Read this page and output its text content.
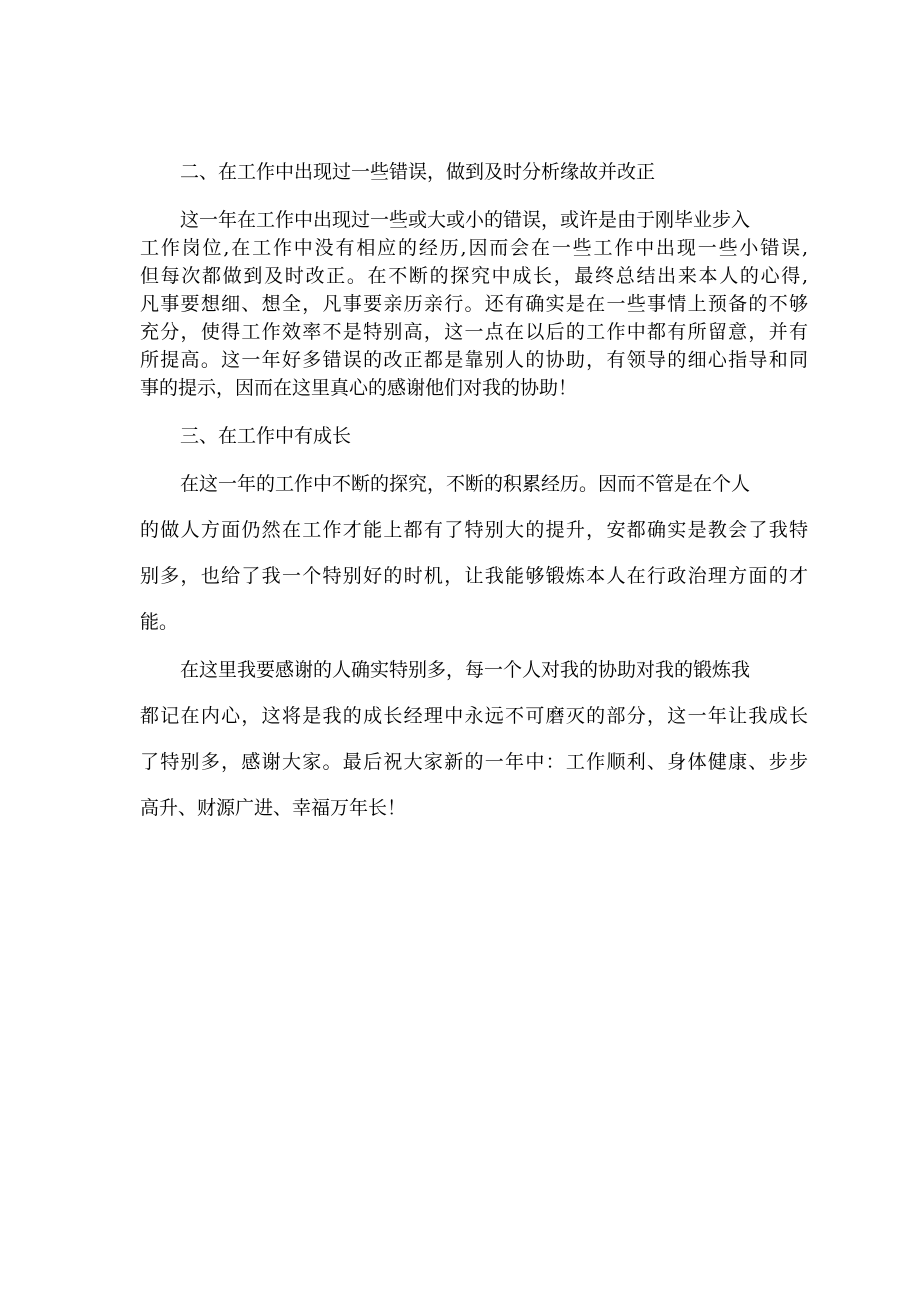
二、在工作中出现过一些错误，做到及时分析缘故并改正

这一年在工作中出现过一些或大或小的错误，或许是由于刚毕业步入

工作岗位,在工作中没有相应的经历,因而会在一些工作中出现一些小错误,

但每次都做到及时改正。在不断的探究中成长，最终总结出来本人的心得,

凡事要想细、想全，凡事要亲历亲行。还有确实是在一些事情上预备的不够

充分，使得工作效率不是特别高，这一点在以后的工作中都有所留意，并有

所提高。这一年好多错误的改正都是靠别人的协助，有领导的细心指导和同

事的提示，因而在这里真心的感谢他们对我的协助！

三、在工作中有成长

在这一年的工作中不断的探究，不断的积累经历。因而不管是在个人

的做人方面仍然在工作才能上都有了特别大的提升，安都确实是教会了我特

别多，也给了我一个特别好的时机，让我能够锻炼本人在行政治理方面的才

能。

在这里我要感谢的人确实特别多，每一个人对我的协助对我的锻炼我

都记在内心，这将是我的成长经理中永远不可磨灭的部分，这一年让我成长

了特别多，感谢大家。最后祝大家新的一年中：工作顺利、身体健康、步步

高升、财源广进、幸福万年长！
